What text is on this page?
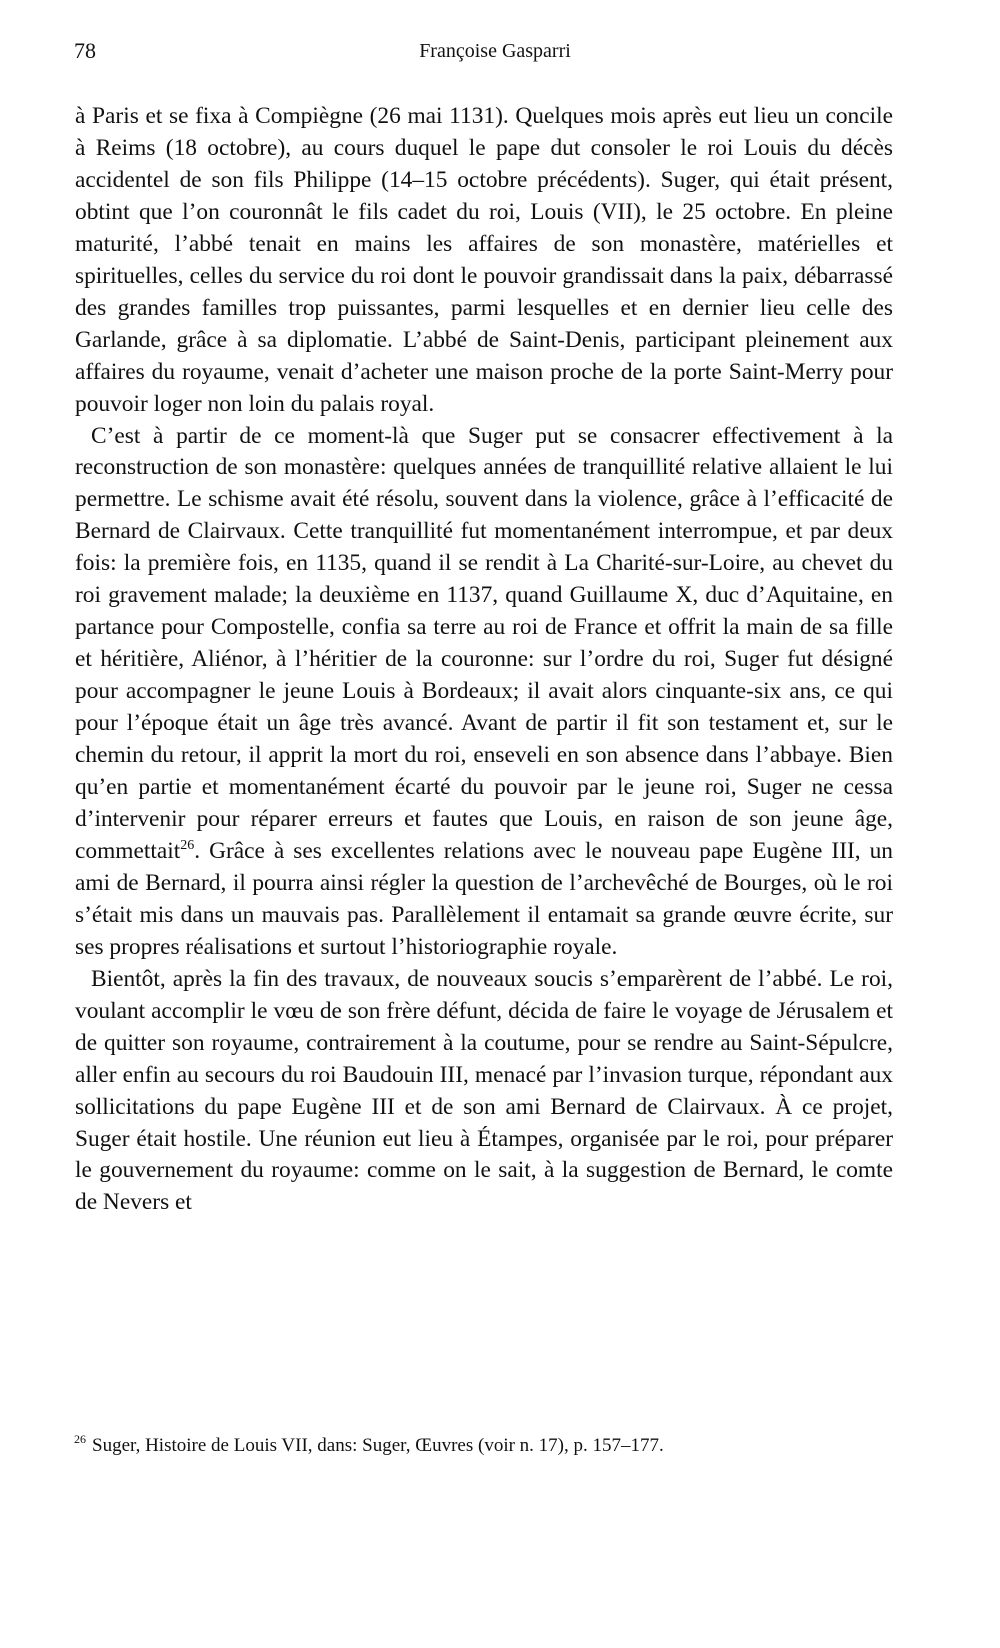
78	Françoise Gasparri

à Paris et se fixa à Compiègne (26 mai 1131). Quelques mois après eut lieu un concile à Reims (18 octobre), au cours duquel le pape dut consoler le roi Louis du décès accidentel de son fils Philippe (14–15 octobre précédents). Suger, qui était présent, obtint que l’on couronnât le fils cadet du roi, Louis (VII), le 25 octobre. En pleine maturité, l’abbé tenait en mains les affaires de son monastère, matérielles et spirituelles, celles du service du roi dont le pouvoir grandissait dans la paix, débarrassé des grandes familles trop puissantes, parmi lesquelles et en dernier lieu celle des Garlande, grâce à sa diplomatie. L’abbé de Saint-Denis, participant pleinement aux affaires du royaume, venait d’acheter une maison proche de la porte Saint-Merry pour pouvoir loger non loin du palais royal.

C’est à partir de ce moment-là que Suger put se consacrer effectivement à la reconstruction de son monastère: quelques années de tranquillité relative allaient le lui permettre. Le schisme avait été résolu, souvent dans la violence, grâce à l’efficacité de Bernard de Clairvaux. Cette tranquillité fut momentanément interrompue, et par deux fois: la première fois, en 1135, quand il se rendit à La Charité-sur-Loire, au chevet du roi gravement malade; la deuxième en 1137, quand Guillaume X, duc d’Aquitaine, en partance pour Compostelle, confia sa terre au roi de France et offrit la main de sa fille et héritière, Aliénor, à l’héritier de la couronne: sur l’ordre du roi, Suger fut désigné pour accompagner le jeune Louis à Bordeaux; il avait alors cinquante-six ans, ce qui pour l’époque était un âge très avancé. Avant de partir il fit son testament et, sur le chemin du retour, il apprit la mort du roi, enseveli en son absence dans l’abbaye. Bien qu’en partie et momentanément écarté du pouvoir par le jeune roi, Suger ne cessa d’intervenir pour réparer erreurs et fautes que Louis, en raison de son jeune âge, commettait$^{26}$. Grâce à ses excellentes relations avec le nouveau pape Eugène III, un ami de Bernard, il pourra ainsi régler la question de l’archevêché de Bourges, où le roi s’était mis dans un mauvais pas. Parallèlement il entamait sa grande œuvre écrite, sur ses propres réalisations et surtout l’historiographie royale.

Bientôt, après la fin des travaux, de nouveaux soucis s’emparèrent de l’abbé. Le roi, voulant accomplir le vœu de son frère défunt, décida de faire le voyage de Jérusalem et de quitter son royaume, contrairement à la coutume, pour se rendre au Saint-Sépulcre, aller enfin au secours du roi Baudouin III, menacé par l’invasion turque, répondant aux sollicitations du pape Eugène III et de son ami Bernard de Clairvaux. À ce projet, Suger était hostile. Une réunion eut lieu à Étampes, organisée par le roi, pour préparer le gouvernement du royaume: comme on le sait, à la suggestion de Bernard, le comte de Nevers et

$^{26}$ Suger, Histoire de Louis VII, dans: Suger, Œuvres (voir n. 17), p. 157–177.
